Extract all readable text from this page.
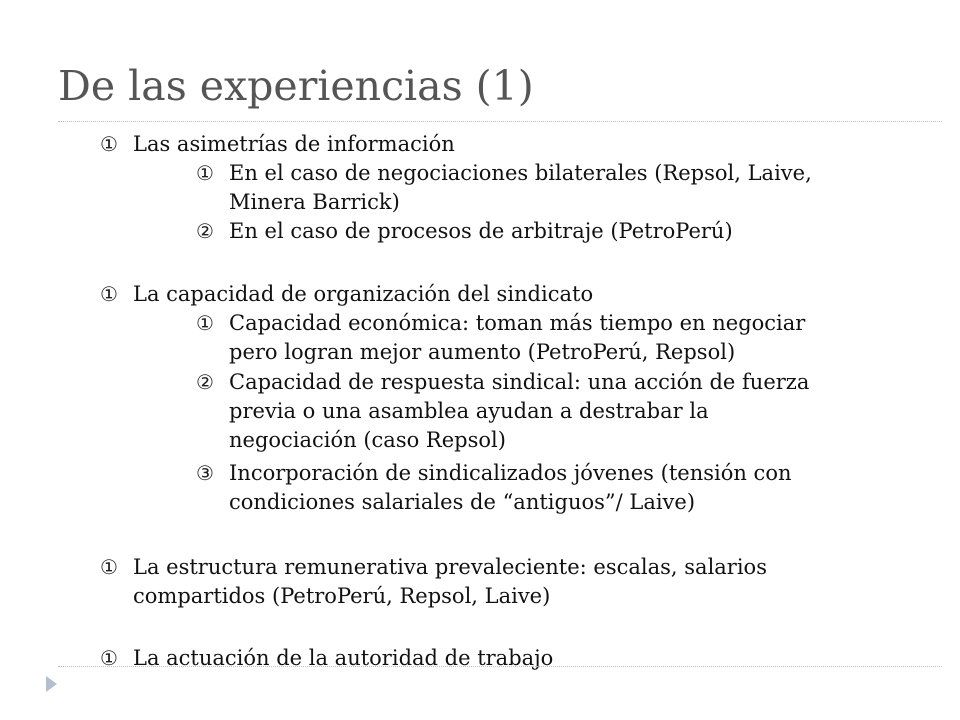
De las experiencias (1)
① Las asimetrías de información
① En el caso de negociaciones bilaterales (Repsol, Laive,
Minera Barrick)
② En el caso de procesos de arbitraje (PetroPerú)
① La capacidad de organización del sindicato
① Capacidad económica: toman más tiempo en negociar
pero logran mejor aumento (PetroPerú, Repsol)
② Capacidad de respuesta sindical: una acción de fuerza
previa o una asamblea ayudan a destrabar la
negociación (caso Repsol)
③ Incorporación de sindicalizados jóvenes (tensión con
condiciones salariales de “antiguos”/ Laive)
① La estructura remunerativa prevaleciente: escalas, salarios
compartidos (PetroPerú, Repsol, Laive)
① La actuación de la autoridad de trabajo
